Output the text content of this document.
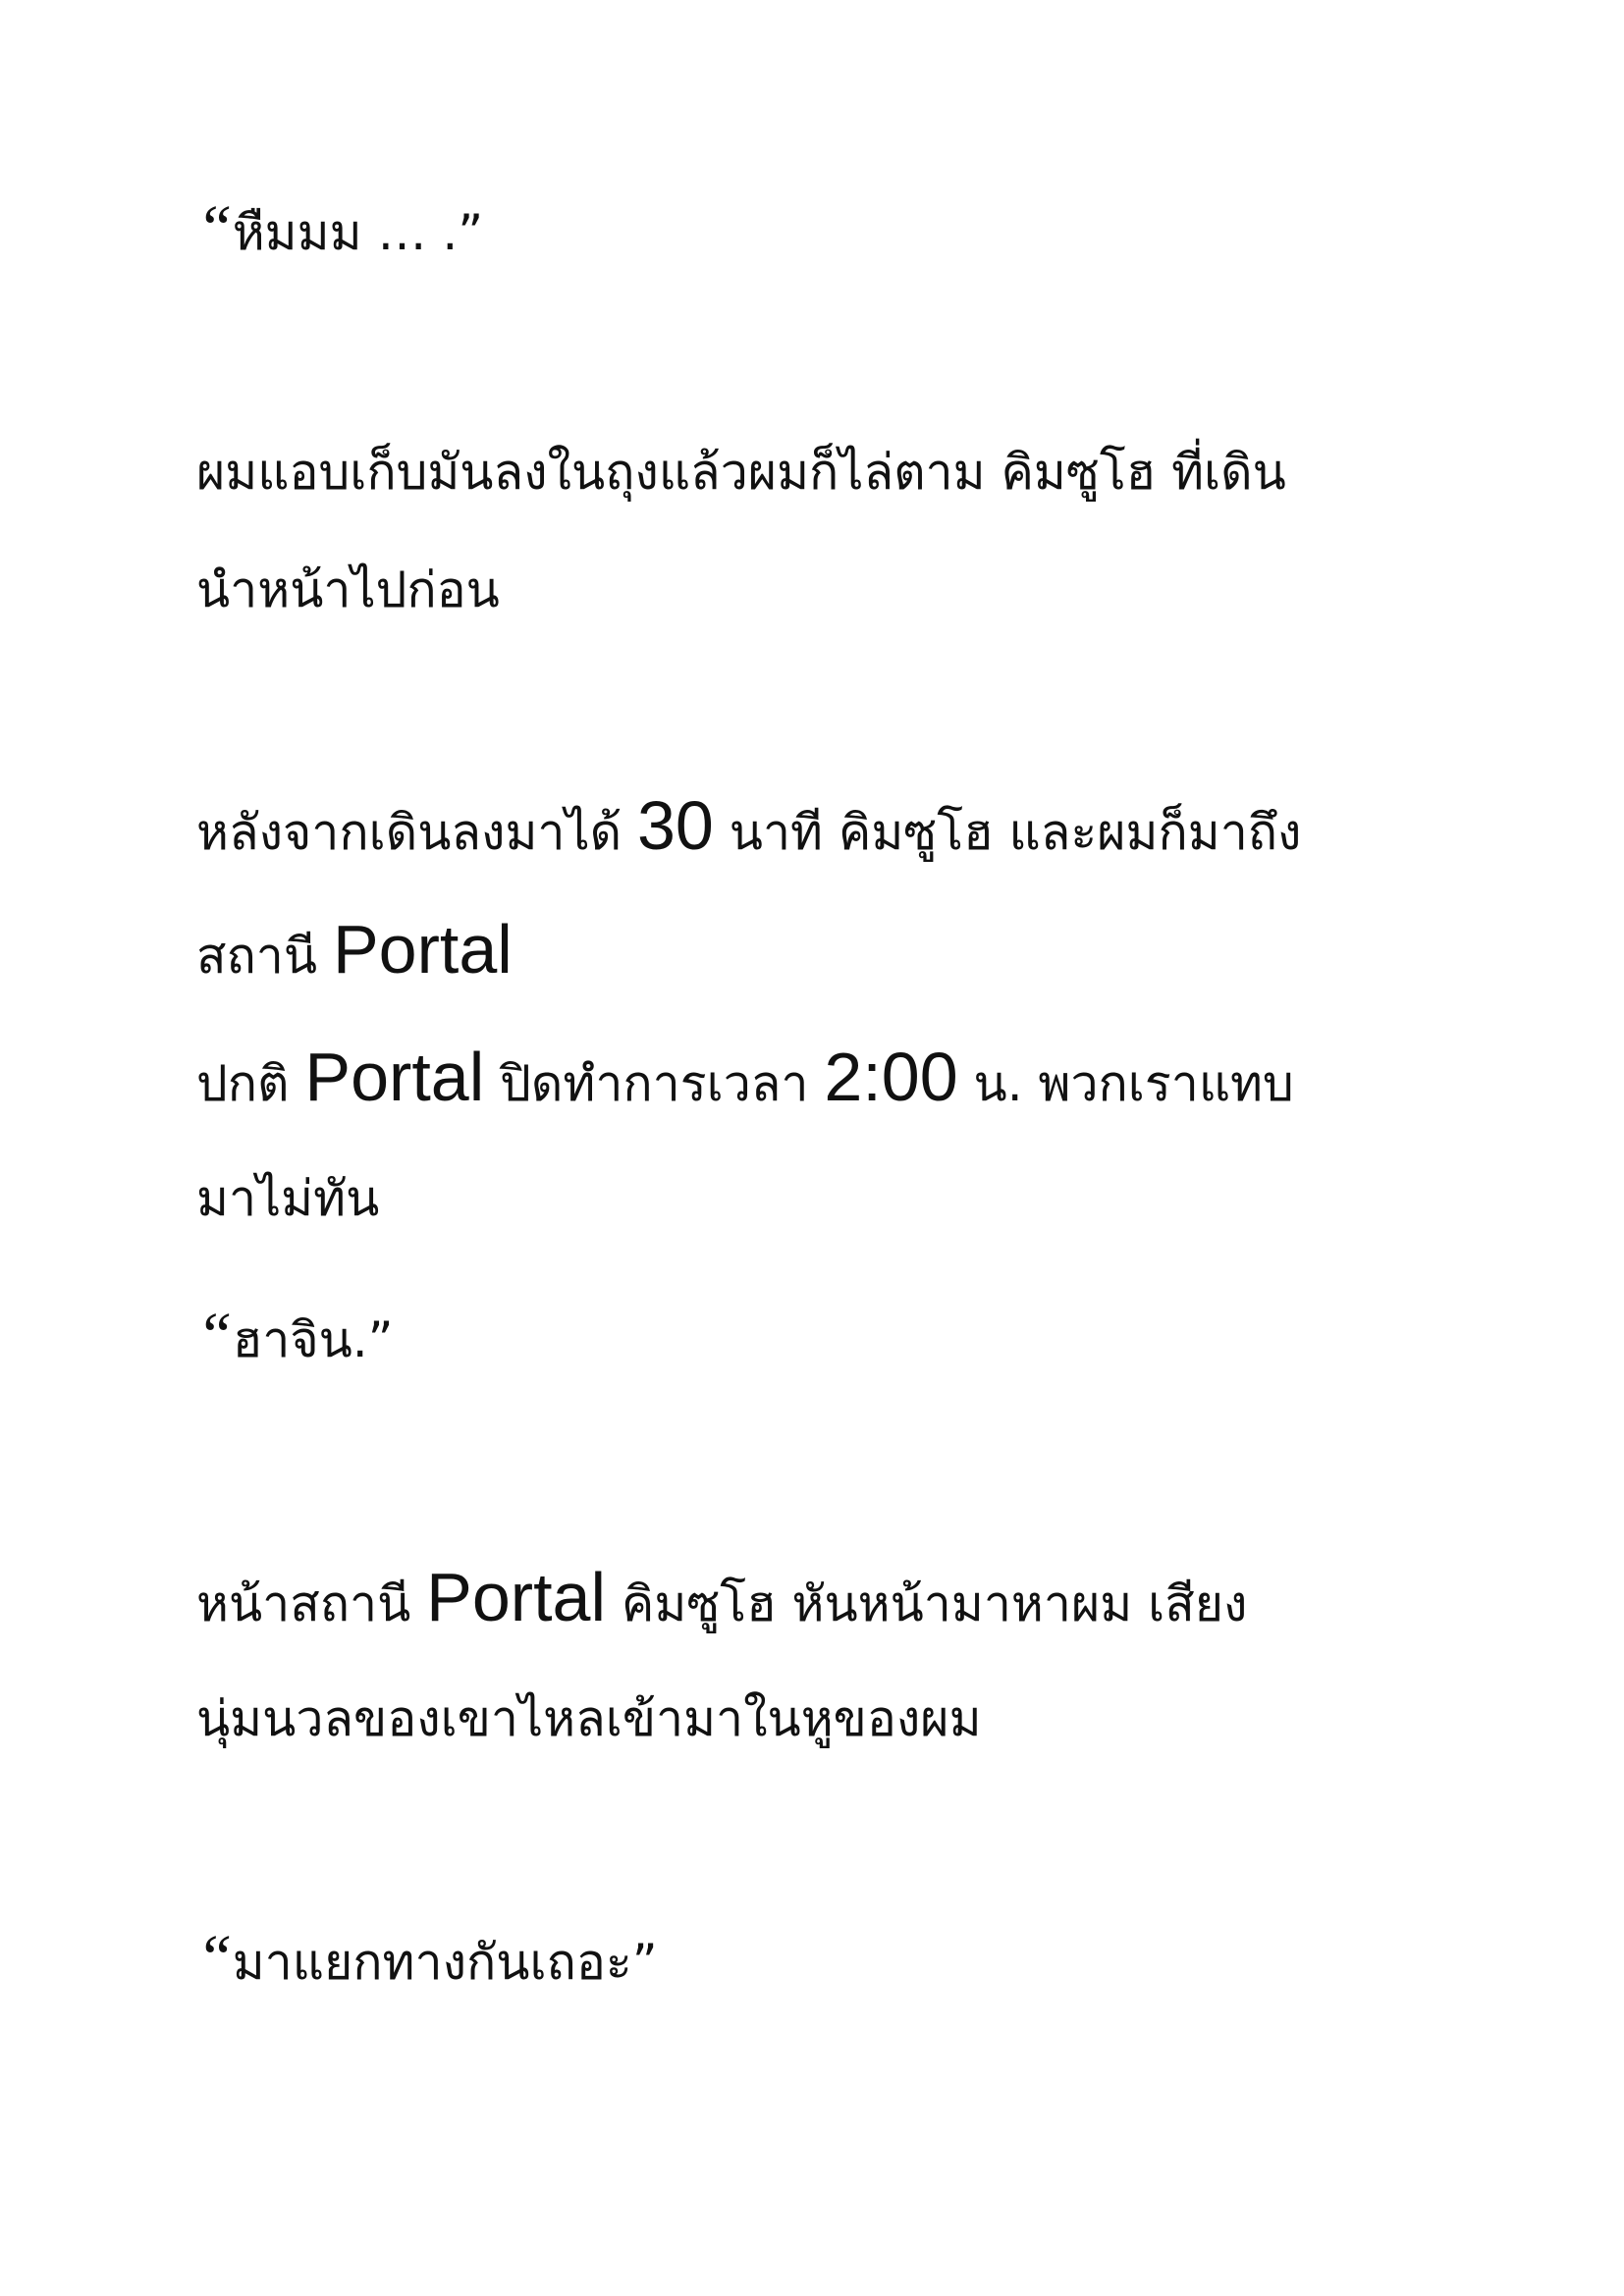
“หืมมม … .”

ผมแอบเก็บมันลงในถุงแล้วผมก็ไล่ตาม คิมซูโฮ ที่เดิน

นำหน้าไปก่อน

หลังจากเดินลงมาได้ 30 นาที คิมซูโฮ และผมก็มาถึง

สถานี Portal

ปกติ Portal ปิดทำการเวลา 2:00 น. พวกเราแทบ

มาไม่ทัน

“ฮาจิน.”

หน้าสถานี Portal คิมซูโฮ หันหน้ามาหาผม เสียง

นุ่มนวลของเขาไหลเข้ามาในหูของผม

“มาแยกทางกันเถอะ”
